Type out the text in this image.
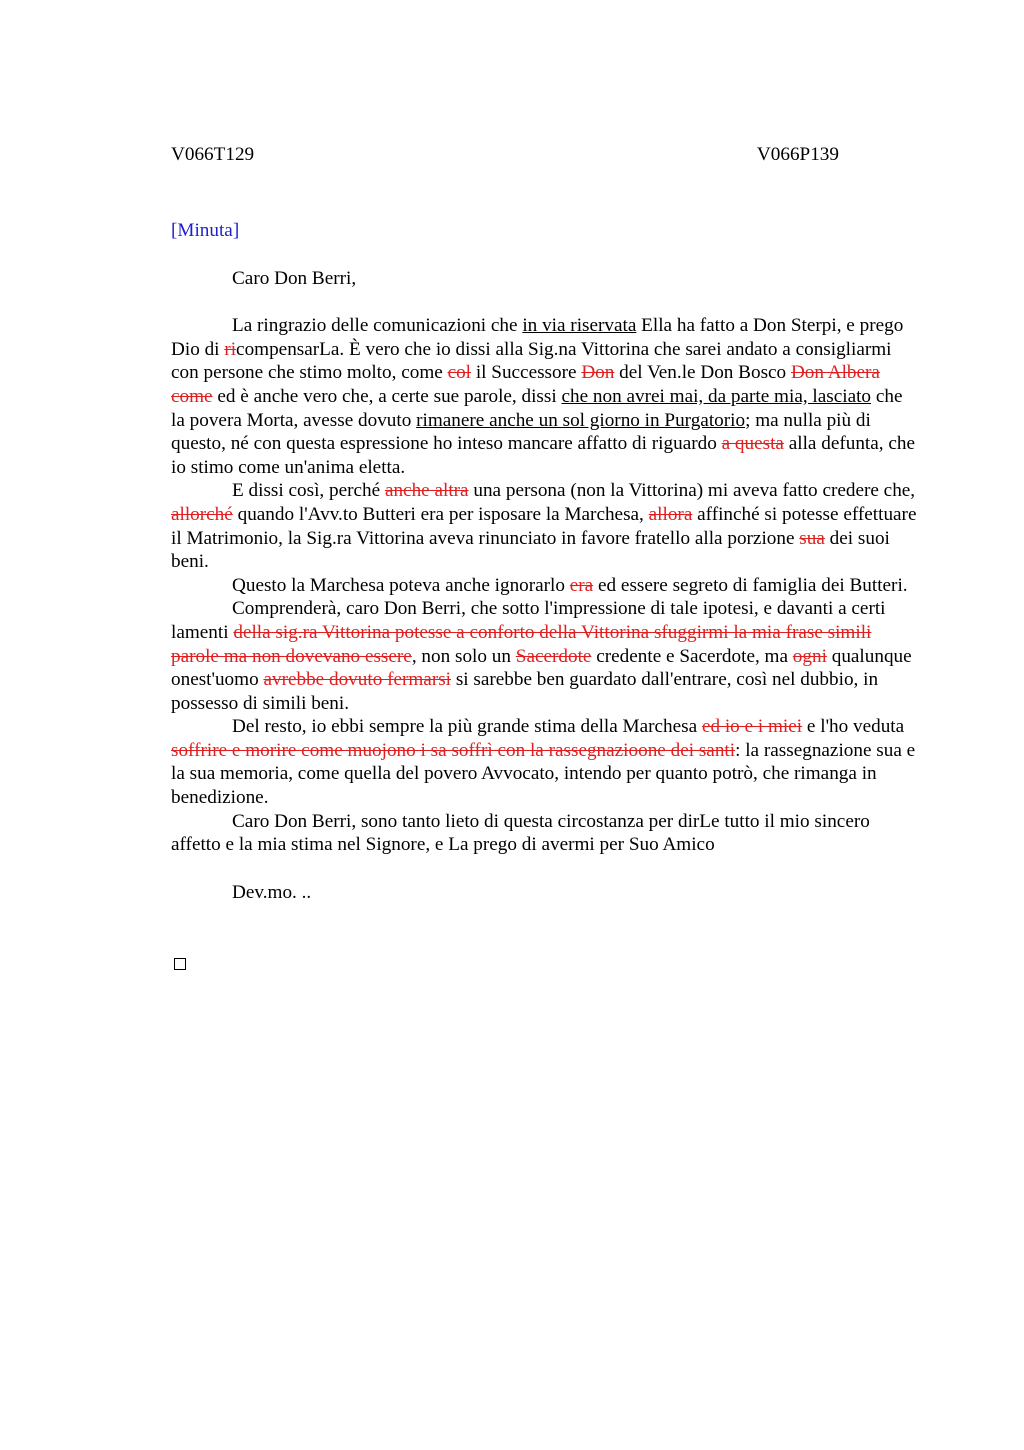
V066T129	V066P139
[Minuta]
Caro Don Berri,

La ringrazio delle comunicazioni che in via riservata Ella ha fatto a Don Sterpi, e prego Dio di ricompensarLa. È vero che io dissi alla Sig.na Vittorina che sarei andato a consigliarmi con persone che stimo molto, come col il Successore Don del Ven.le Don Bosco Don Albera come ed è anche vero che, a certe sue parole, dissi che non avrei mai, da parte mia, lasciato che la povera Morta, avesse dovuto rimanere anche un sol giorno in Purgatorio; ma nulla più di questo, né con questa espressione ho inteso mancare affatto di riguardo a questa alla defunta, che io stimo come un'anima eletta.

E dissi così, perché anche altra una persona (non la Vittorina) mi aveva fatto credere che, allorché quando l'Avv.to Butteri era per isposare la Marchesa, allora affinché si potesse effettuare il Matrimonio, la Sig.ra Vittorina aveva rinunciato in favore fratello alla porzione sua dei suoi beni.

Questo la Marchesa poteva anche ignorarlo era ed essere segreto di famiglia dei Butteri.

Comprenderà, caro Don Berri, che sotto l'impressione di tale ipotesi, e davanti a certi lamenti della sig.ra Vittorina potesse a conforto della Vittorina sfuggirmi la mia frase simili parole ma non dovevano essere, non solo un Sacerdote credente e Sacerdote, ma ogni qualunque onest'uomo avrebbe dovuto fermarsi si sarebbe ben guardato dall'entrare, così nel dubbio, in possesso di simili beni.

Del resto, io ebbi sempre la più grande stima della Marchesa ed io e i miei e l'ho veduta soffrire e morire come muojono i sa soffrì con la rassegnazioone dei santi: la rassegnazione sua e la sua memoria, come quella del povero Avvocato, intendo per quanto potrò, che rimanga in benedizione.

Caro Don Berri, sono tanto lieto di questa circostanza per dirLe tutto il mio sincero affetto e la mia stima nel Signore, e La prego di avermi per Suo Amico

Dev.mo. ..
